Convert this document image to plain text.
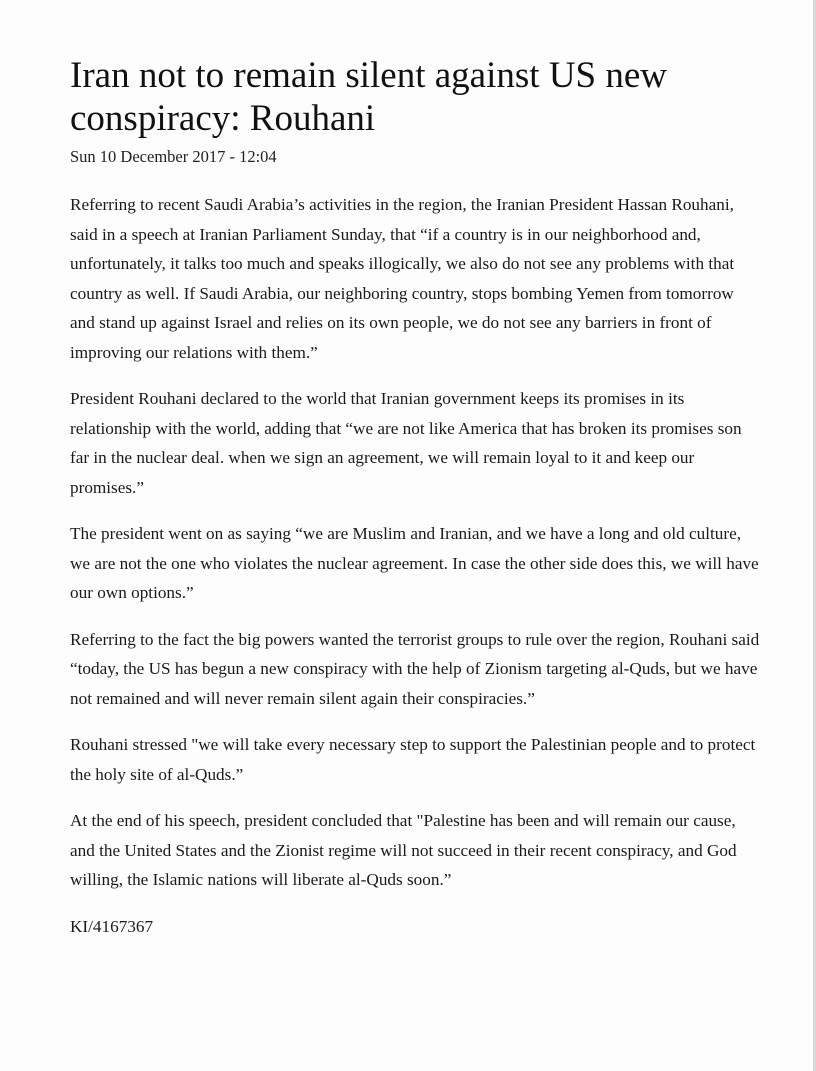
Iran not to remain silent against US new conspiracy: Rouhani
Sun 10 December 2017 - 12:04

Referring to recent Saudi Arabia’s activities in the region, the Iranian President Hassan Rouhani, said in a speech at Iranian Parliament Sunday, that “if a country is in our neighborhood and, unfortunately, it talks too much and speaks illogically, we also do not see any problems with that country as well. If Saudi Arabia, our neighboring country, stops bombing Yemen from tomorrow and stand up against Israel and relies on its own people, we do not see any barriers in front of improving our relations with them.”

President Rouhani declared to the world that Iranian government keeps its promises in its relationship with the world, adding that “we are not like America that has broken its promises son far in the nuclear deal. when we sign an agreement, we will remain loyal to it and keep our promises.”

The president went on as saying “we are Muslim and Iranian, and we have a long and old culture, we are not the one who violates the nuclear agreement. In case the other side does this, we will have our own options.”

Referring to the fact the big powers wanted the terrorist groups to rule over the region, Rouhani said “today, the US has begun a new conspiracy with the help of Zionism targeting al-Quds, but we have not remained and will never remain silent again their conspiracies.”

Rouhani stressed "we will take every necessary step to support the Palestinian people and to protect the holy site of al-Quds.”

At the end of his speech, president concluded that "Palestine has been and will remain our cause, and the United States and the Zionist regime will not succeed in their recent conspiracy, and God willing, the Islamic nations will liberate al-Quds soon.”

KI/4167367
